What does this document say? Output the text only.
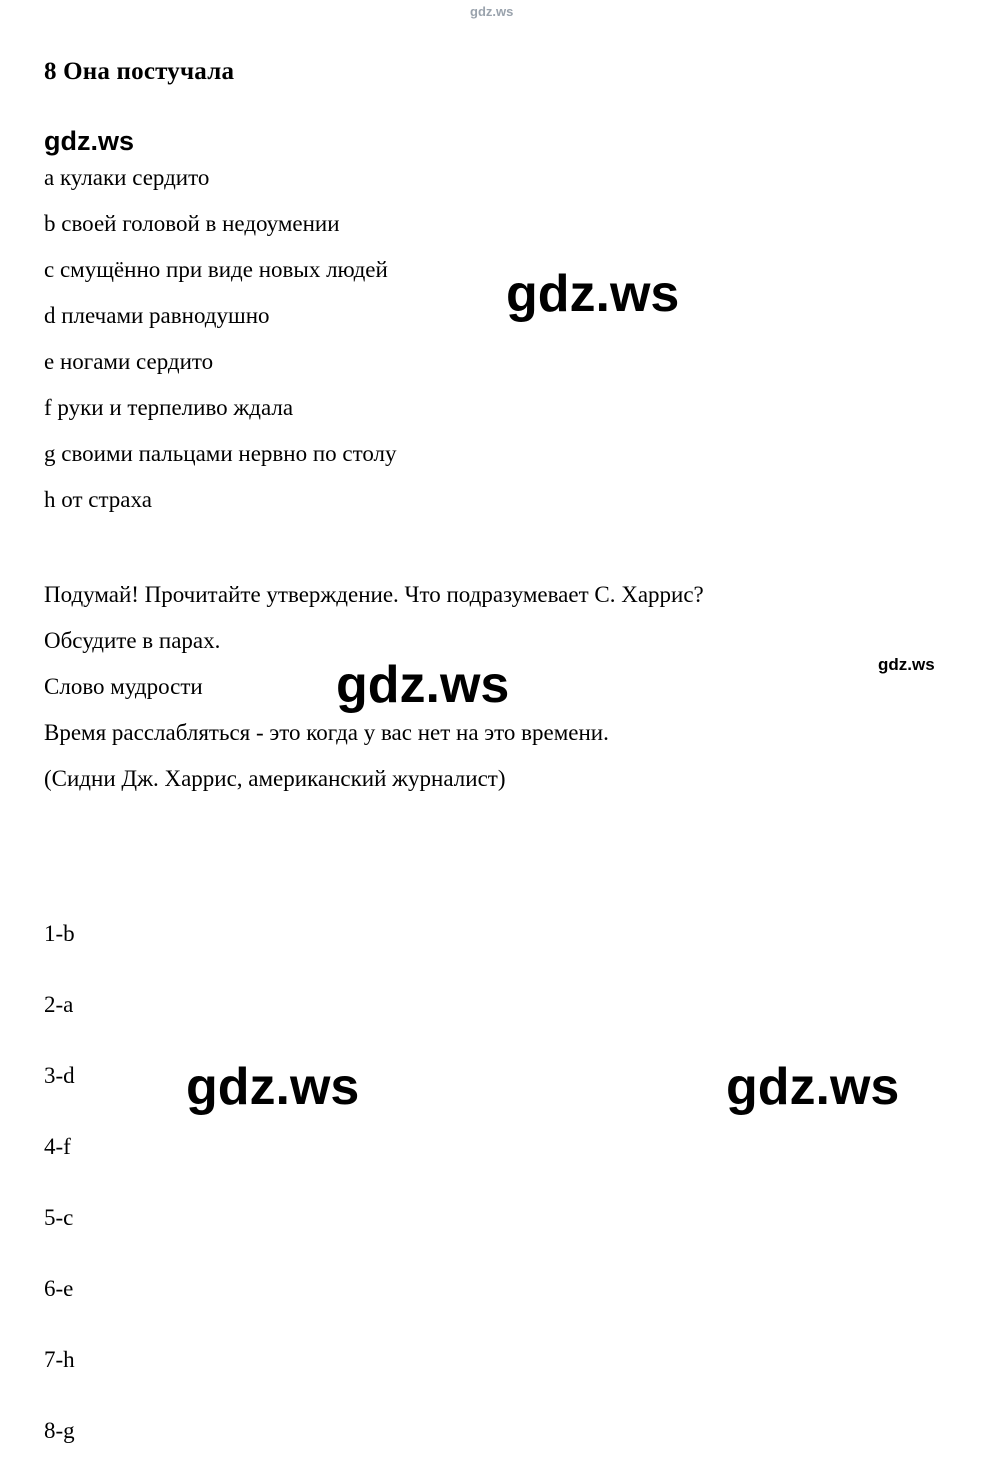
gdz.ws
8 Она постучала
gdz.ws
a кулаки сердито
b своей головой в недоумении
c смущённо при виде новых людей
d плечами равнодушно
e ногами сердито
f руки и терпеливо ждала
g своими пальцами нервно по столу
h от страха
gdz.ws
Подумай! Прочитайте утверждение. Что подразумевает С. Харрис?
Обсудите в парах.
Слово мудрости
Время расслабляться - это когда у вас нет на это времени.
(Сидни Дж. Харрис, американский журналист)
gdz.ws	gdz.ws
1-b
2-a
3-d
4-f
5-c
6-e
7-h
8-g
gdz.ws	gdz.ws
